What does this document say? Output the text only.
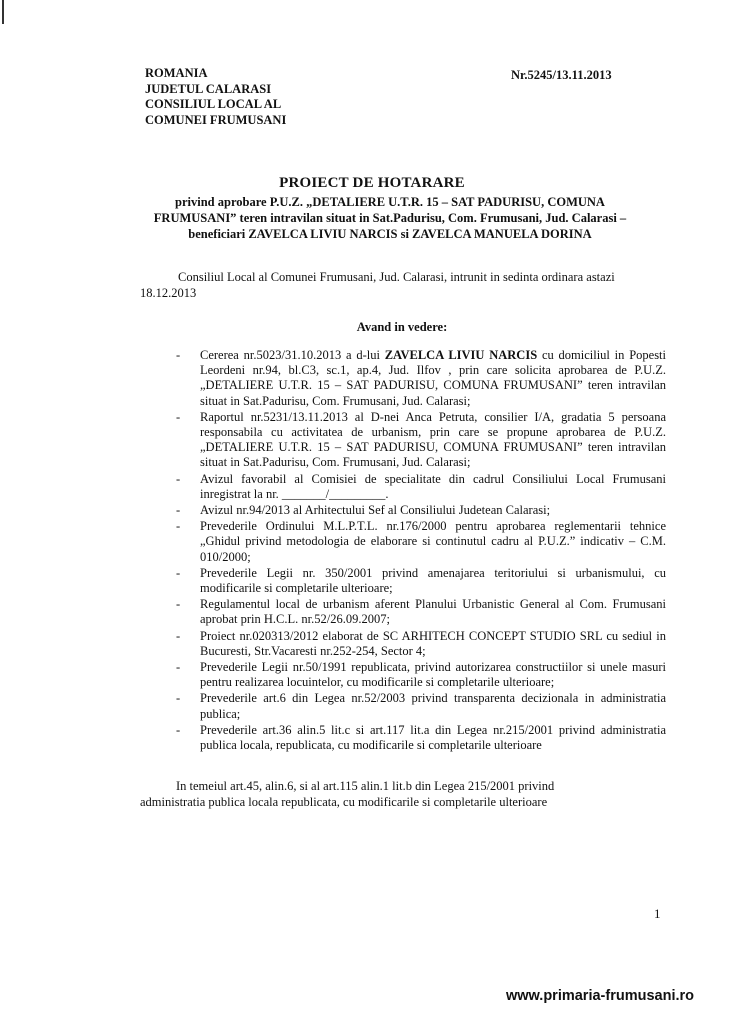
ROMANIA
JUDETUL CALARASI
CONSILIUL LOCAL AL
COMUNEI FRUMUSANI
Nr.5245/13.11.2013
PROIECT DE HOTARARE
privind aprobare P.U.Z. „DETALIERE U.T.R. 15 – SAT PADURISU, COMUNA
FRUMUSANI” teren intravilan situat in Sat.Padurisu, Com. Frumusani, Jud. Calarasi –
beneficiari ZAVELCA LIVIU NARCIS si ZAVELCA MANUELA DORINA
Consiliul Local al Comunei Frumusani, Jud. Calarasi, intrunit in sedinta ordinara astazi
18.12.2013
Avand in vedere:
- Cererea nr.5023/31.10.2013 a d-lui ZAVELCA LIVIU NARCIS cu domiciliul in Popesti Leordeni nr.94, bl.C3, sc.1, ap.4, Jud. Ilfov , prin care solicita aprobarea de P.U.Z. „DETALIERE U.T.R. 15 – SAT PADURISU, COMUNA FRUMUSANI” teren intravilan situat in Sat.Padurisu, Com. Frumusani, Jud. Calarasi;
- Raportul nr.5231/13.11.2013 al D-nei Anca Petruta, consilier I/A, gradatia 5 persoana responsabila cu activitatea de urbanism, prin care se propune aprobarea de P.U.Z. „DETALIERE U.T.R. 15 – SAT PADURISU, COMUNA FRUMUSANI” teren intravilan situat in Sat.Padurisu, Com. Frumusani, Jud. Calarasi;
- Avizul favorabil al Comisiei de specialitate din cadrul Consiliului Local Frumusani inregistrat la nr. _______/_________.
- Avizul nr.94/2013 al Arhitectului Sef al Consiliului Judetean Calarasi;
- Prevederile Ordinului M.L.P.T.L. nr.176/2000 pentru aprobarea reglementarii tehnice „Ghidul privind metodologia de elaborare si continutul cadru al P.U.Z.” indicativ – C.M. 010/2000;
- Prevederile Legii nr. 350/2001 privind amenajarea teritoriului si urbanismului, cu modificarile si completarile ulterioare;
- Regulamentul local de urbanism aferent Planului Urbanistic General al Com. Frumusani aprobat prin H.C.L. nr.52/26.09.2007;
- Proiect nr.020313/2012 elaborat de SC ARHITECH CONCEPT STUDIO SRL cu sediul in Bucuresti, Str.Vacaresti nr.252-254, Sector 4;
- Prevederile Legii nr.50/1991 republicata, privind autorizarea constructiilor si unele masuri pentru realizarea locuintelor, cu modificarile si completarile ulterioare;
- Prevederile art.6 din Legea nr.52/2003 privind transparenta decizionala in administratia publica;
- Prevederile art.36 alin.5 lit.c si art.117 lit.a din Legea nr.215/2001 privind administratia publica locala, republicata, cu modificarile si completarile ulterioare
In temeiul art.45, alin.6, si al art.115 alin.1 lit.b din Legea 215/2001 privind
administratia publica locala republicata, cu modificarile si completarile ulterioare
1
www.primaria-frumusani.ro
